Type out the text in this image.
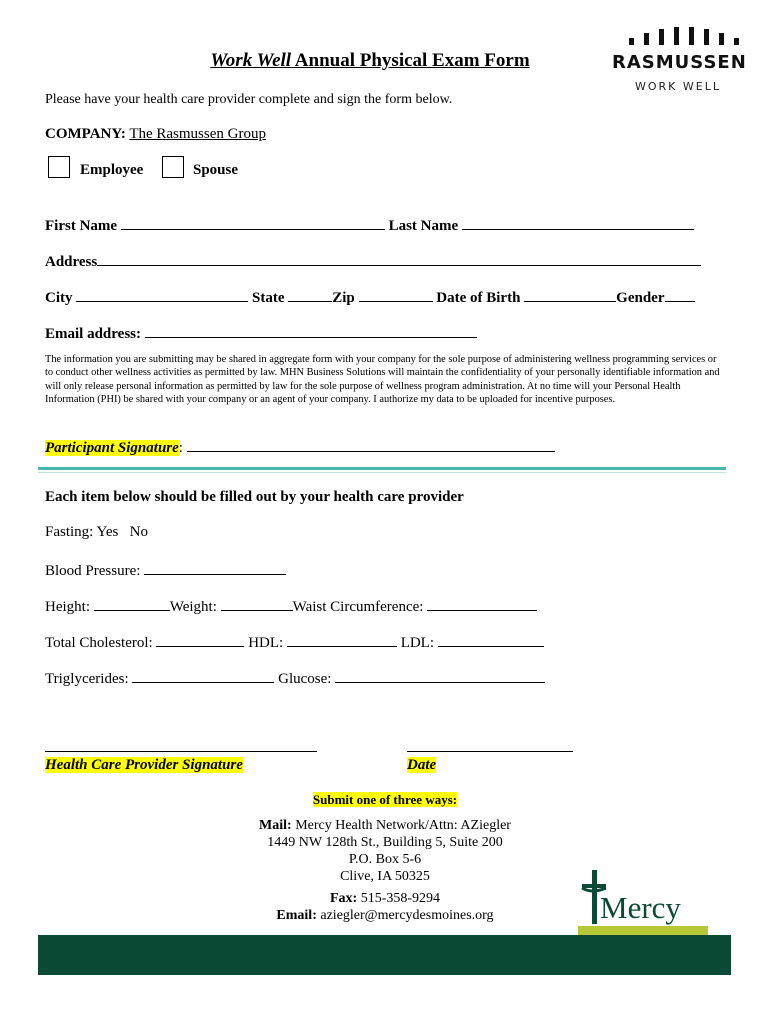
Work Well Annual Physical Exam Form	RASMUSSEN
WORK WELL
Please have your health care provider complete and sign the form below.
COMPANY: The Rasmussen Group
Employee	Spouse
First Name	Last Name
Address
City	State	Zip	Date of Birth	Gender
Email address:
The information you are submitting may be shared in aggregate form with your company for the sole purpose of administering wellness programming services or to conduct other wellness activities as permitted by law. MHN Business Solutions will maintain the confidentiality of your personally identifiable information and will only release personal information as permitted by law for the sole purpose of wellness program administration. At no time will your Personal Health Information (PHI) be shared with your company or an agent of your company. I authorize my data to be uploaded for incentive purposes.
Participant Signature:
Each item below should be filled out by your health care provider
Fasting: Yes No
Blood Pressure:
Height:	Weight:	Waist Circumference:
Total Cholesterol:	HDL:	LDL:
Triglycerides:	Glucose:
Health Care Provider Signature	Date
Submit one of three ways:
Mail: Mercy Health Network/Attn: AZiegler
1449 NW 128th St., Building 5, Suite 200
P.O. Box 5-6
Clive, IA 50325
Fax: 515-358-9294
Email: aziegler@mercydesmoines.org	Mercy
